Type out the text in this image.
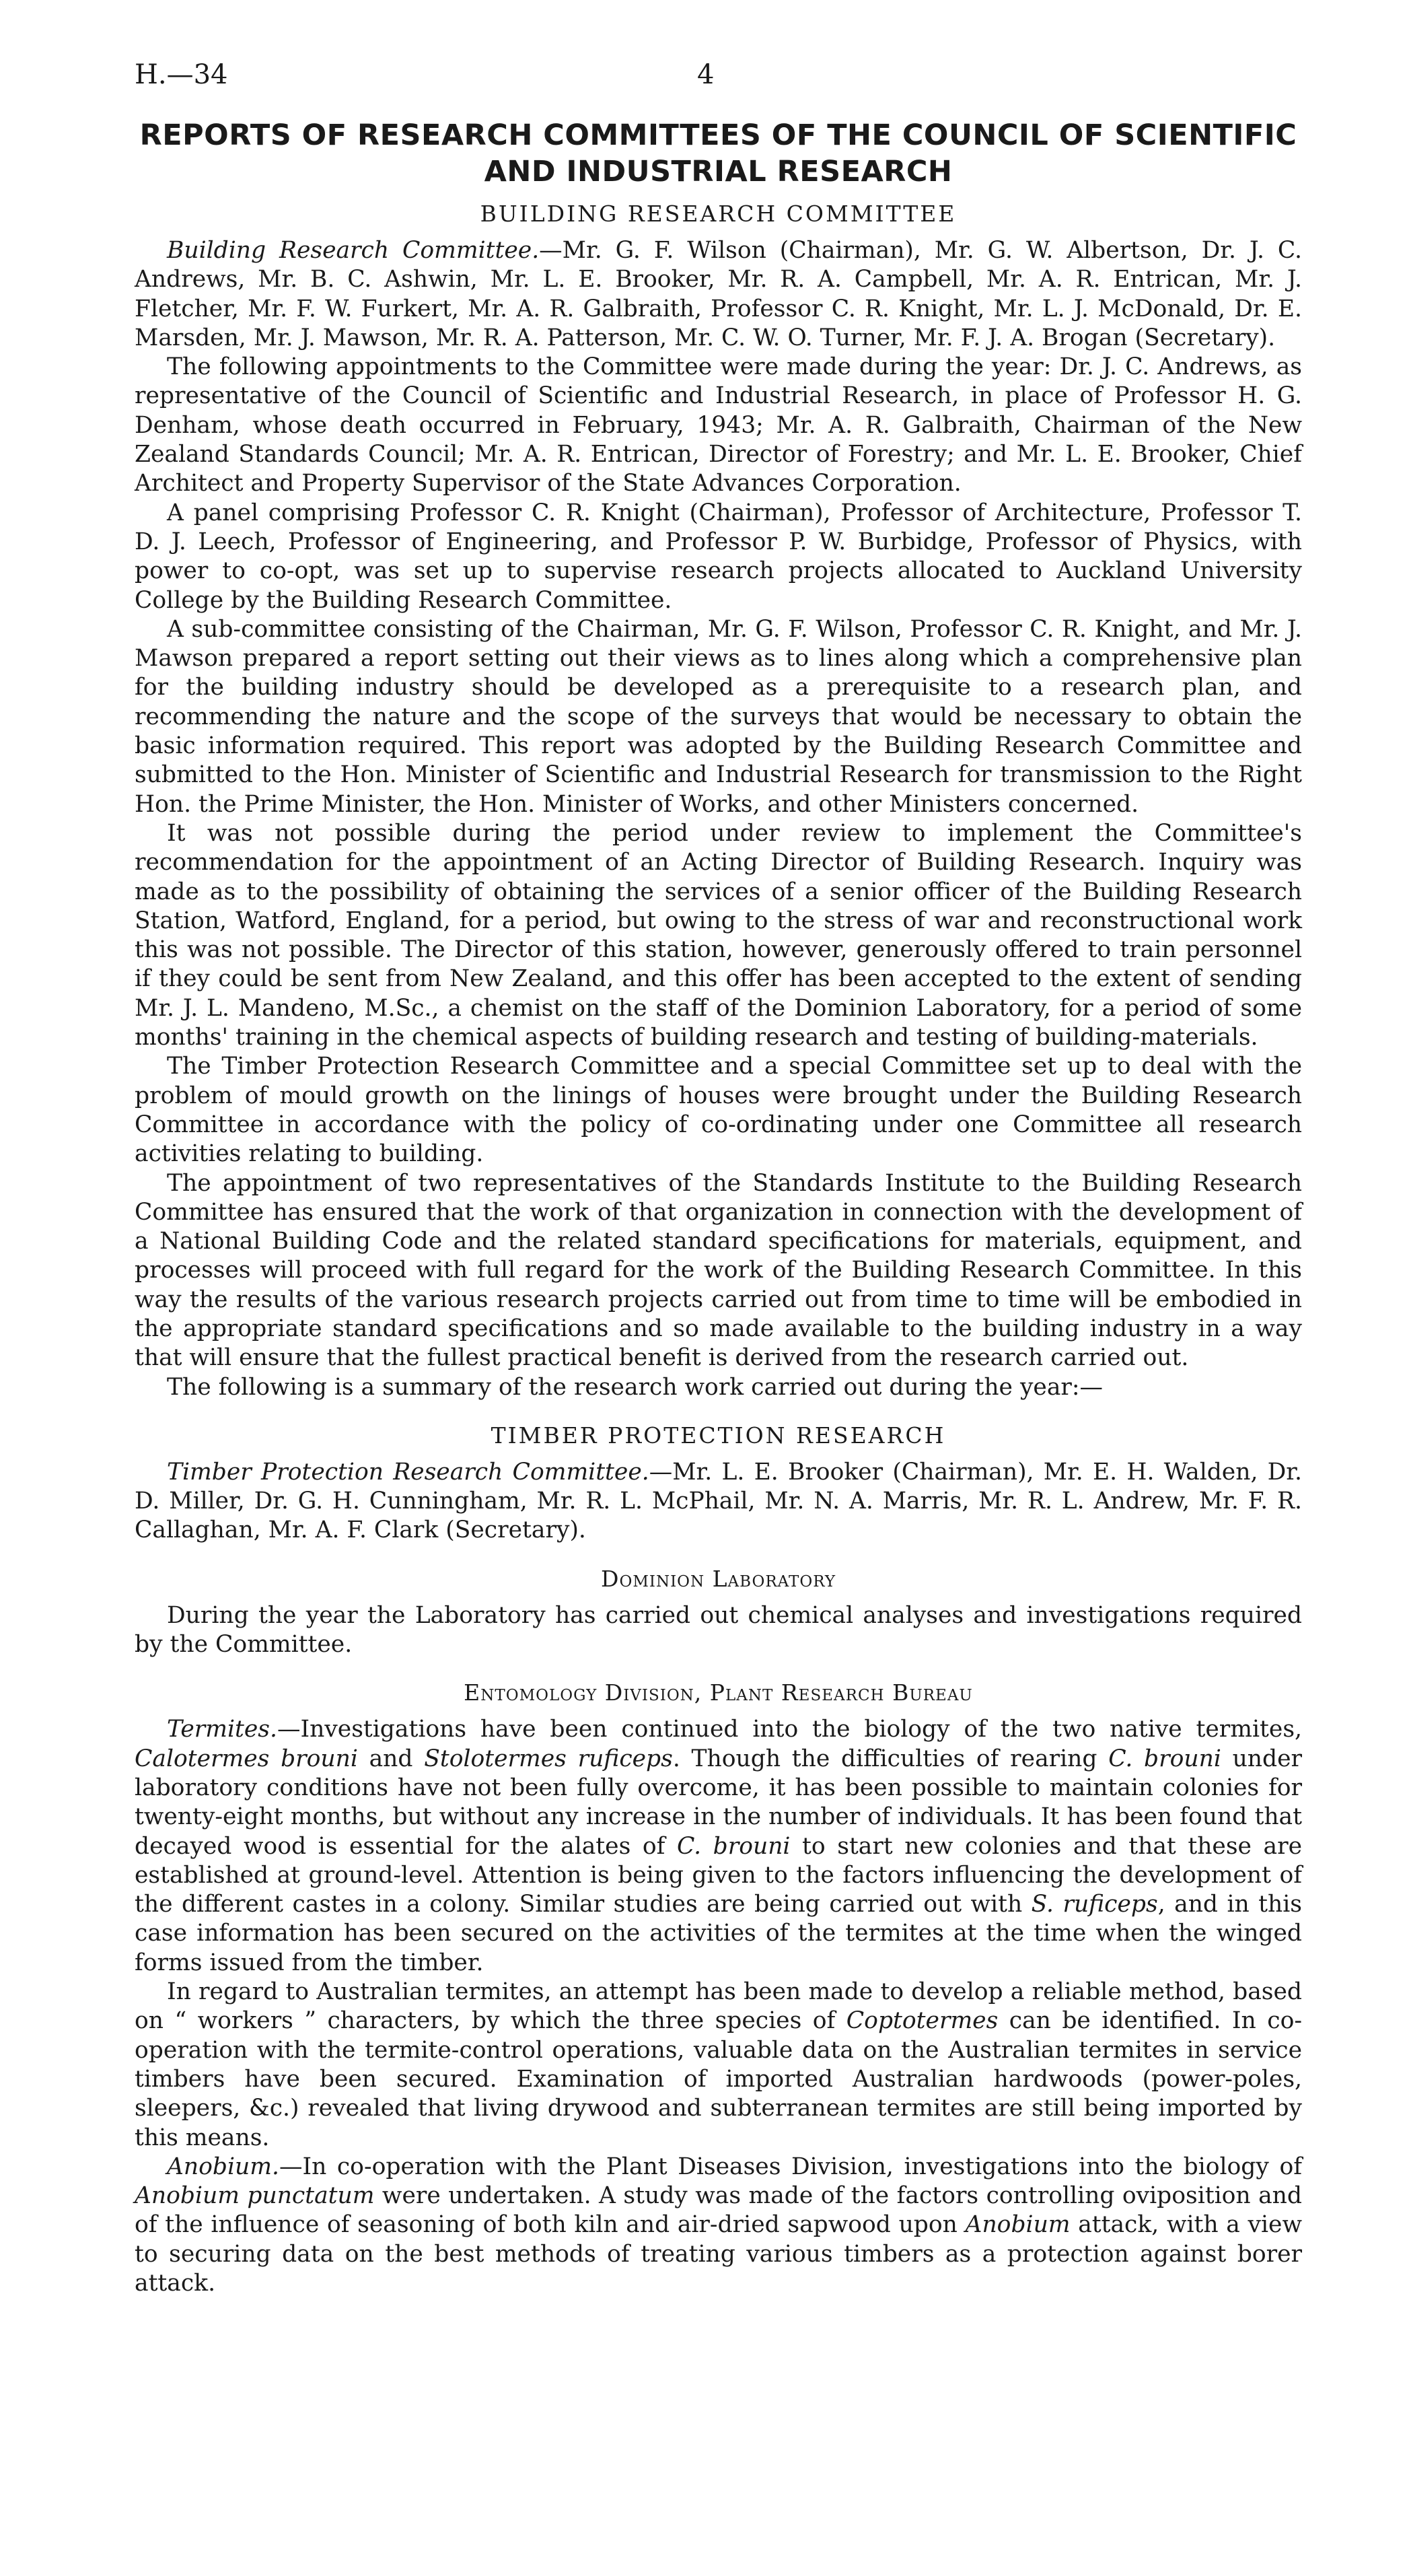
H.—34	4
REPORTS OF RESEARCH COMMITTEES OF THE COUNCIL OF SCIENTIFIC AND INDUSTRIAL RESEARCH
BUILDING RESEARCH COMMITTEE

Building Research Committee.—Mr. G. F. Wilson (Chairman), Mr. G. W. Albertson, Dr. J. C. Andrews, Mr. B. C. Ashwin, Mr. L. E. Brooker, Mr. R. A. Campbell, Mr. A. R. Entrican, Mr. J. Fletcher, Mr. F. W. Furkert, Mr. A. R. Galbraith, Professor C. R. Knight, Mr. L. J. McDonald, Dr. E. Marsden, Mr. J. Mawson, Mr. R. A. Patterson, Mr. C. W. O. Turner, Mr. F. J. A. Brogan (Secretary).

The following appointments to the Committee were made during the year: Dr. J. C. Andrews, as representative of the Council of Scientific and Industrial Research, in place of Professor H. G. Denham, whose death occurred in February, 1943; Mr. A. R. Galbraith, Chairman of the New Zealand Standards Council; Mr. A. R. Entrican, Director of Forestry; and Mr. L. E. Brooker, Chief Architect and Property Supervisor of the State Advances Corporation.

A panel comprising Professor C. R. Knight (Chairman), Professor of Architecture, Professor T. D. J. Leech, Professor of Engineering, and Professor P. W. Burbidge, Professor of Physics, with power to co-opt, was set up to supervise research projects allocated to Auckland University College by the Building Research Committee.

A sub-committee consisting of the Chairman, Mr. G. F. Wilson, Professor C. R. Knight, and Mr. J. Mawson prepared a report setting out their views as to lines along which a comprehensive plan for the building industry should be developed as a prerequisite to a research plan, and recommending the nature and the scope of the surveys that would be necessary to obtain the basic information required. This report was adopted by the Building Research Committee and submitted to the Hon. Minister of Scientific and Industrial Research for transmission to the Right Hon. the Prime Minister, the Hon. Minister of Works, and other Ministers concerned.

It was not possible during the period under review to implement the Committee's recommendation for the appointment of an Acting Director of Building Research. Inquiry was made as to the possibility of obtaining the services of a senior officer of the Building Research Station, Watford, England, for a period, but owing to the stress of war and reconstructional work this was not possible. The Director of this station, however, generously offered to train personnel if they could be sent from New Zealand, and this offer has been accepted to the extent of sending Mr. J. L. Mandeno, M.Sc., a chemist on the staff of the Dominion Laboratory, for a period of some months' training in the chemical aspects of building research and testing of building-materials.

The Timber Protection Research Committee and a special Committee set up to deal with the problem of mould growth on the linings of houses were brought under the Building Research Committee in accordance with the policy of co-ordinating under one Committee all research activities relating to building.

The appointment of two representatives of the Standards Institute to the Building Research Committee has ensured that the work of that organization in connection with the development of a National Building Code and the related standard specifications for materials, equipment, and processes will proceed with full regard for the work of the Building Research Committee. In this way the results of the various research projects carried out from time to time will be embodied in the appropriate standard specifications and so made available to the building industry in a way that will ensure that the fullest practical benefit is derived from the research carried out.

The following is a summary of the research work carried out during the year:—

TIMBER PROTECTION RESEARCH

Timber Protection Research Committee.—Mr. L. E. Brooker (Chairman), Mr. E. H. Walden, Dr. D. Miller, Dr. G. H. Cunningham, Mr. R. L. McPhail, Mr. N. A. Marris, Mr. R. L. Andrew, Mr. F. R. Callaghan, Mr. A. F. Clark (Secretary).

Dominion Laboratory

During the year the Laboratory has carried out chemical analyses and investigations required by the Committee.

Entomology Division, Plant Research Bureau

Termites.—Investigations have been continued into the biology of the two native termites, Calotermes brouni and Stolotermes ruficeps. Though the difficulties of rearing C. brouni under laboratory conditions have not been fully overcome, it has been possible to maintain colonies for twenty-eight months, but without any increase in the number of individuals. It has been found that decayed wood is essential for the alates of C. brouni to start new colonies and that these are established at ground-level. Attention is being given to the factors influencing the development of the different castes in a colony. Similar studies are being carried out with S. ruficeps, and in this case information has been secured on the activities of the termites at the time when the winged forms issued from the timber.

In regard to Australian termites, an attempt has been made to develop a reliable method, based on “ workers ” characters, by which the three species of Coptotermes can be identified. In co-operation with the termite-control operations, valuable data on the Australian termites in service timbers have been secured. Examination of imported Australian hardwoods (power-poles, sleepers, &c.) revealed that living drywood and subterranean termites are still being imported by this means.

Anobium.—In co-operation with the Plant Diseases Division, investigations into the biology of Anobium punctatum were undertaken. A study was made of the factors controlling oviposition and of the influence of seasoning of both kiln and air-dried sapwood upon Anobium attack, with a view to securing data on the best methods of treating various timbers as a protection against borer attack.
